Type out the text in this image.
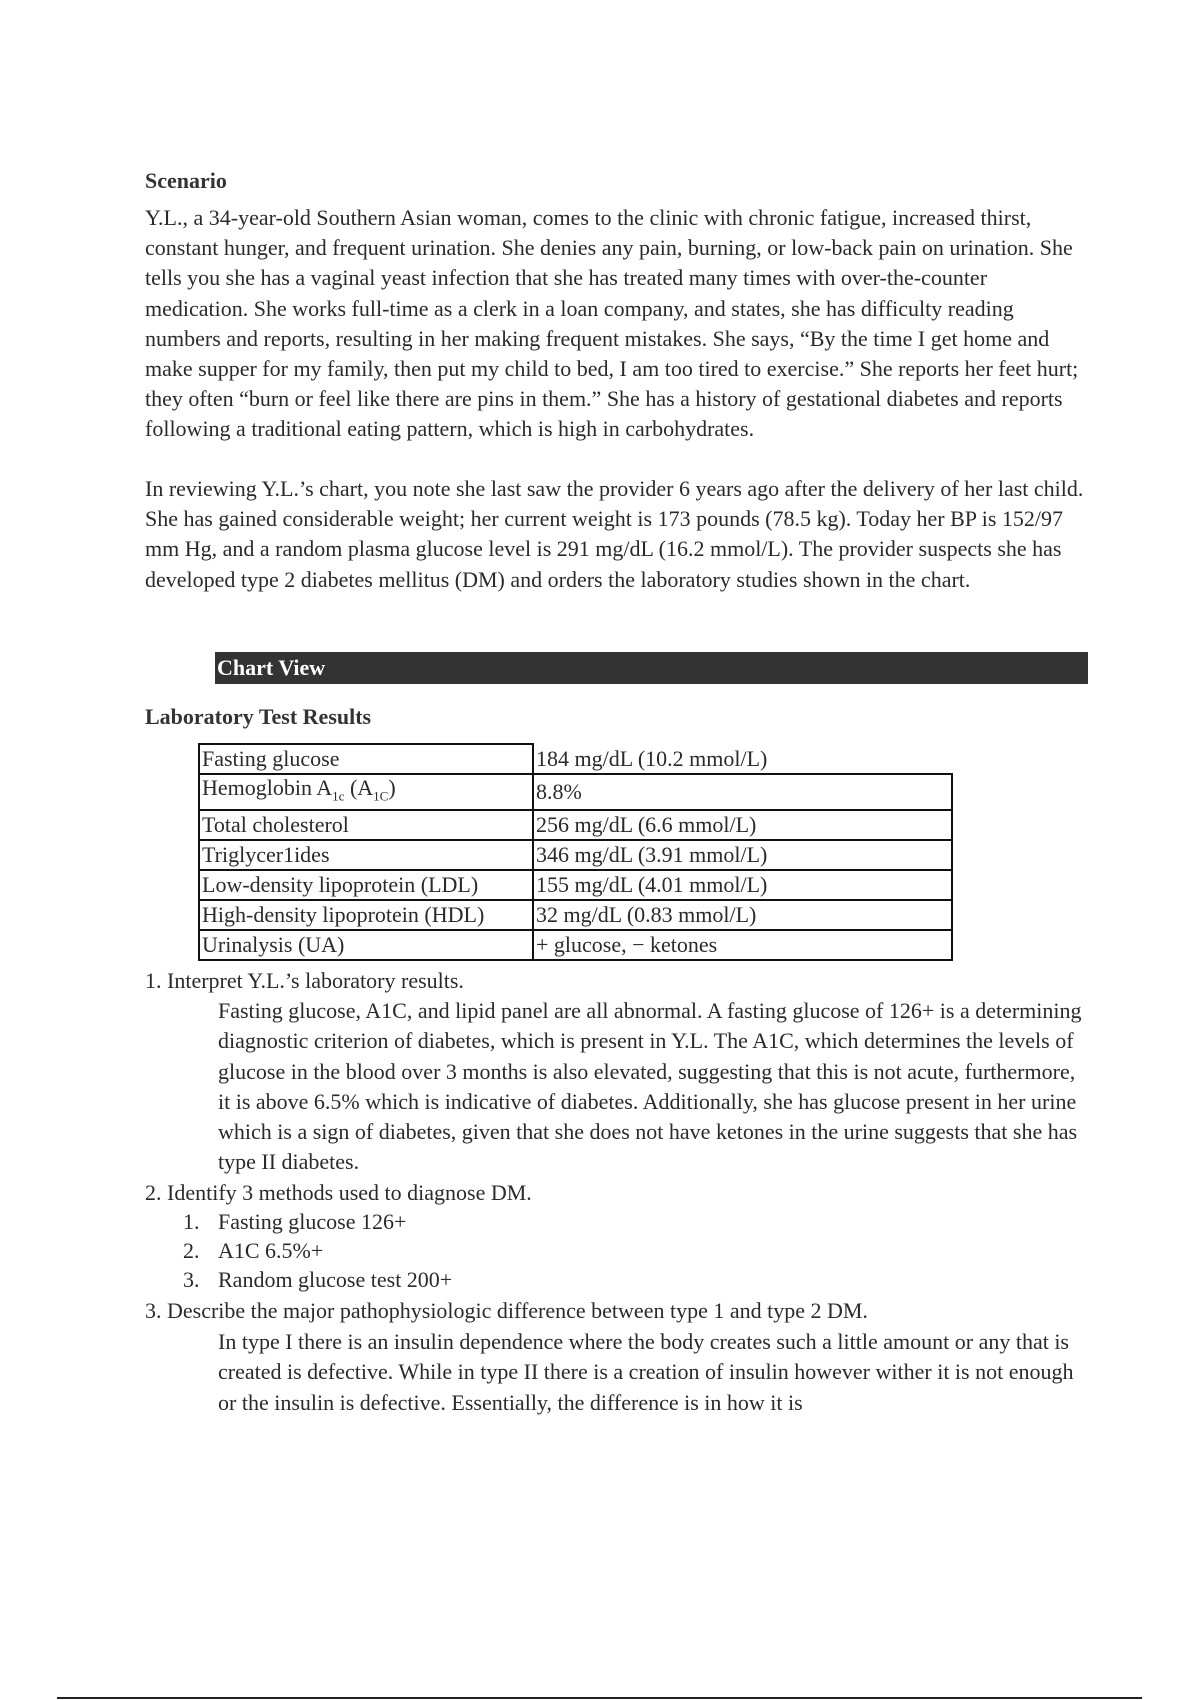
Scenario

Y.L., a 34-year-old Southern Asian woman, comes to the clinic with chronic fatigue, increased thirst, constant hunger, and frequent urination. She denies any pain, burning, or low-back pain on urination. She tells you she has a vaginal yeast infection that she has treated many times with over-the-counter medication. She works full-time as a clerk in a loan company, and states, she has difficulty reading numbers and reports, resulting in her making frequent mistakes. She says, “By the time I get home and make supper for my family, then put my child to bed, I am too tired to exercise.” She reports her feet hurt; they often “burn or feel like there are pins in them.” She has a history of gestational diabetes and reports following a traditional eating pattern, which is high in carbohydrates.

In reviewing Y.L.’s chart, you note she last saw the provider 6 years ago after the delivery of her last child. She has gained considerable weight; her current weight is 173 pounds (78.5 kg). Today her BP is 152/97 mm Hg, and a random plasma glucose level is 291 mg/dL (16.2 mmol/L). The provider suspects she has developed type 2 diabetes mellitus (DM) and orders the laboratory studies shown in the chart.

Chart View
Laboratory Test Results
Fasting glucose	184 mg/dL (10.2 mmol/L)
Hemoglobin $A_{1c}$ $(A_{1C})$	8.8%
Total cholesterol	256 mg/dL (6.6 mmol/L)
Triglycer1ides	346 mg/dL (3.91 mmol/L)
Low-density lipoprotein (LDL)	155 mg/dL (4.01 mmol/L)
High-density lipoprotein (HDL)	32 mg/dL (0.83 mmol/L)
Urinalysis (UA)	+ glucose, − ketones
1. Interpret Y.L.’s laboratory results.

Fasting glucose, A1C, and lipid panel are all abnormal. A fasting glucose of 126+ is a determining diagnostic criterion of diabetes, which is present in Y.L. The A1C, which determines the levels of glucose in the blood over 3 months is also elevated, suggesting that this is not acute, furthermore, it is above 6.5% which is indicative of diabetes. Additionally, she has glucose present in her urine which is a sign of diabetes, given that she does not have ketones in the urine suggests that she has type II diabetes.

2. Identify 3 methods used to diagnose DM.
1. Fasting glucose 126+
2. A1C 6.5%+
3. Random glucose test 200+
3. Describe the major pathophysiologic difference between type 1 and type 2 DM.

In type I there is an insulin dependence where the body creates such a little amount or any that is created is defective. While in type II there is a creation of insulin however wither it is not enough or the insulin is defective. Essentially, the difference is in how it is
